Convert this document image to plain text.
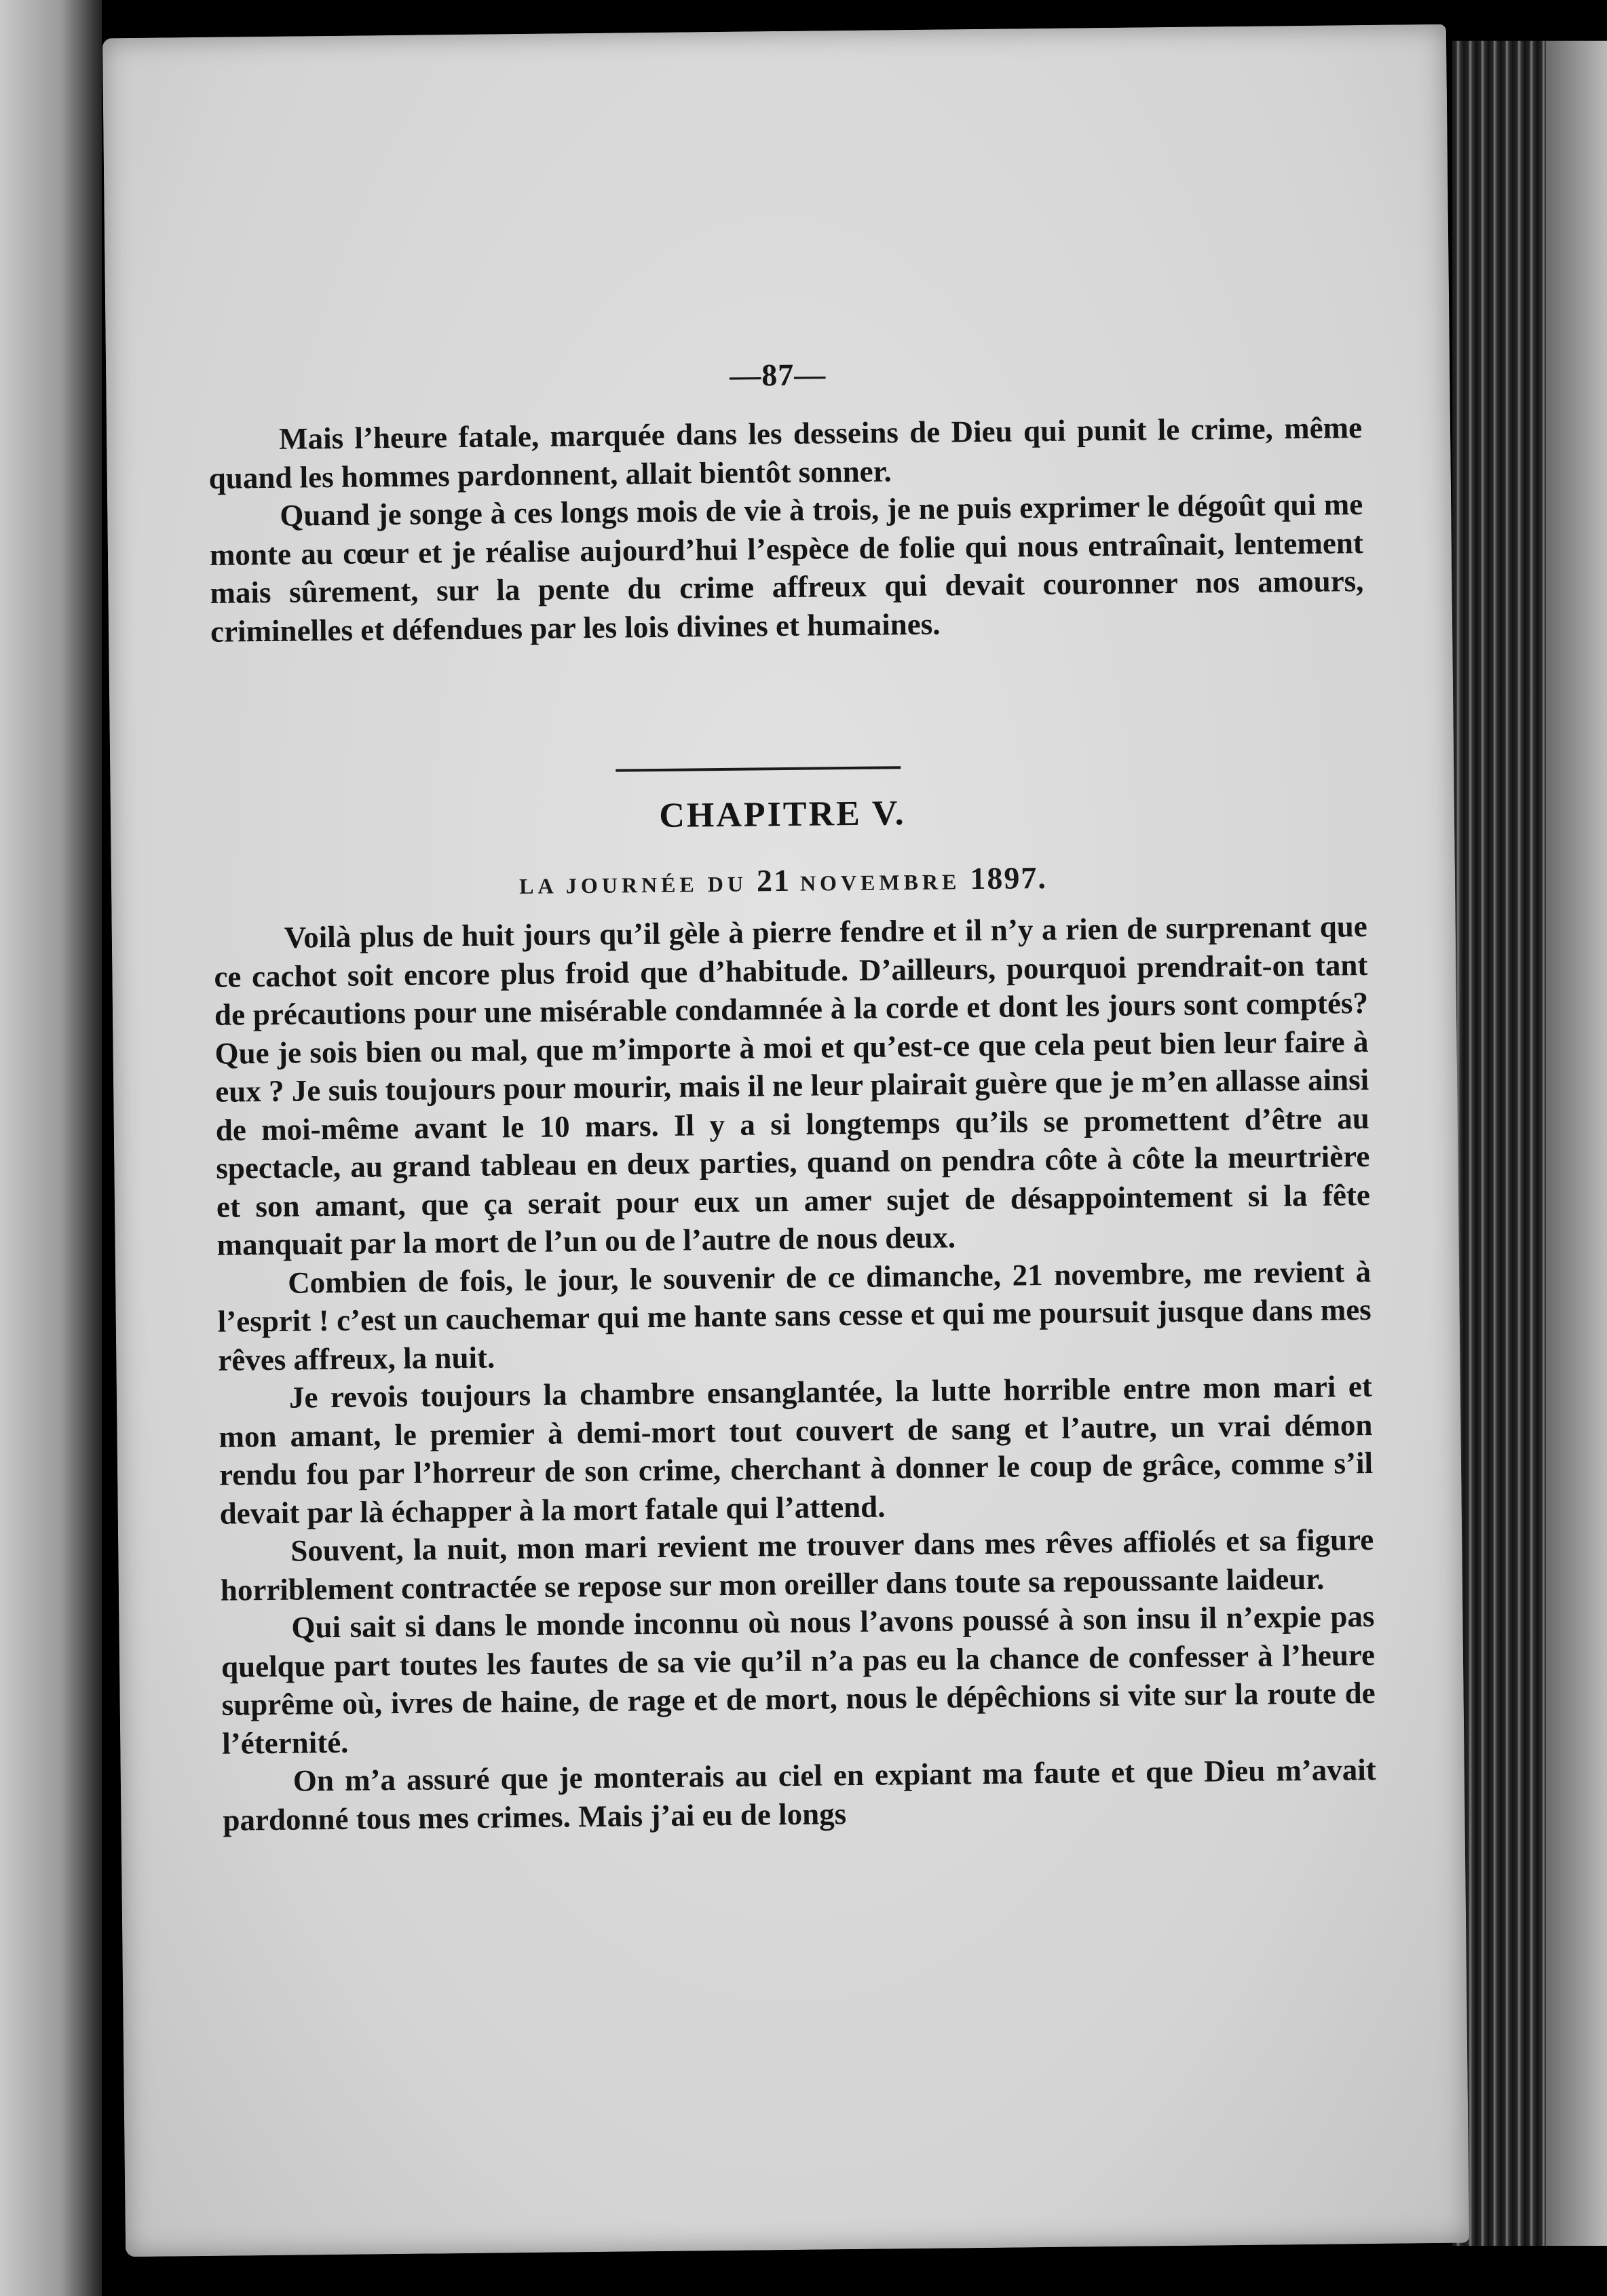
—87—

Mais l’heure fatale, marquée dans les desseins de Dieu qui punit le crime, même quand les hommes pardonnent, allait bientôt sonner.

Quand je songe à ces longs mois de vie à trois, je ne puis exprimer le dégoût qui me monte au cœur et je réalise aujourd’hui l’espèce de folie qui nous entraînait, lentement mais sûrement, sur la pente du crime affreux qui devait couronner nos amours, criminelles et défendues par les lois divines et humaines.

CHAPITRE V.
LA JOURNÉE DU 21 NOVEMBRE 1897.

Voilà plus de huit jours qu’il gèle à pierre fendre et il n’y a rien de surprenant que ce cachot soit encore plus froid que d’habitude. D’ailleurs, pourquoi prendrait-on tant de précautions pour une misérable condamnée à la corde et dont les jours sont comptés? Que je sois bien ou mal, que m’importe à moi et qu’est-ce que cela peut bien leur faire à eux ? Je suis toujours pour mourir, mais il ne leur plairait guère que je m’en allasse ainsi de moi-même avant le 10 mars. Il y a si longtemps qu’ils se promettent d’être au spectacle, au grand tableau en deux parties, quand on pendra côte à côte la meurtrière et son amant, que ça serait pour eux un amer sujet de désappointement si la fête manquait par la mort de l’un ou de l’autre de nous deux.

Combien de fois, le jour, le souvenir de ce dimanche, 21 novembre, me revient à l’esprit ! c’est un cauchemar qui me hante sans cesse et qui me poursuit jusque dans mes rêves affreux, la nuit.

Je revois toujours la chambre ensanglantée, la lutte horrible entre mon mari et mon amant, le premier à demi-mort tout couvert de sang et l’autre, un vrai démon rendu fou par l’horreur de son crime, cherchant à donner le coup de grâce, comme s’il devait par là échapper à la mort fatale qui l’attend.

Souvent, la nuit, mon mari revient me trouver dans mes rêves affiolés et sa figure horriblement contractée se repose sur mon oreiller dans toute sa repoussante laideur.

Qui sait si dans le monde inconnu où nous l’avons poussé à son insu il n’expie pas quelque part toutes les fautes de sa vie qu’il n’a pas eu la chance de confesser à l’heure suprême où, ivres de haine, de rage et de mort, nous le dépêchions si vite sur la route de l’éternité.

On m’a assuré que je monterais au ciel en expiant ma faute et que Dieu m’avait pardonné tous mes crimes. Mais j’ai eu de longs
